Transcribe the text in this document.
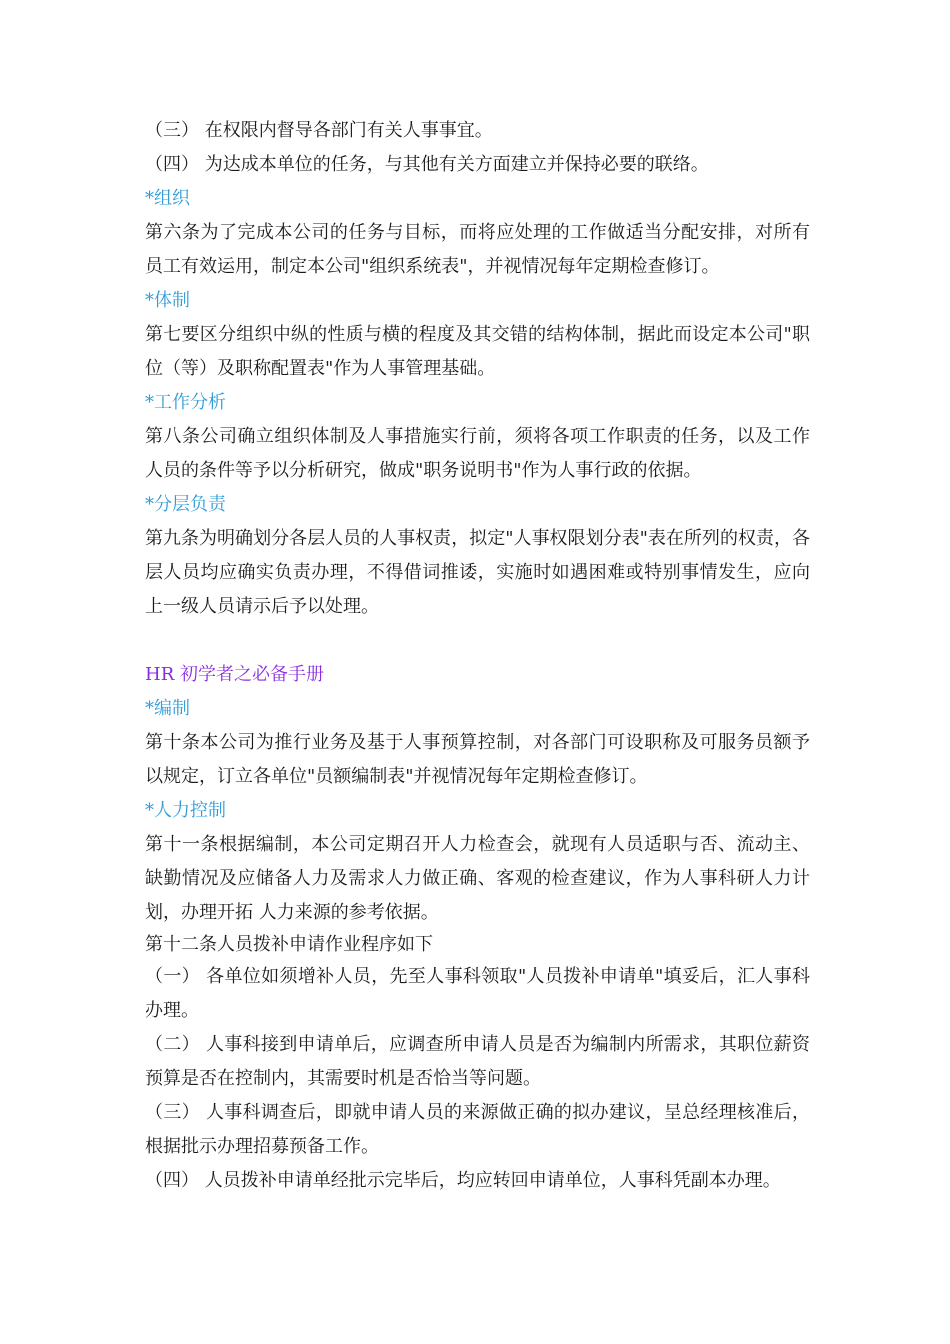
（三） 在权限内督导各部门有关人事事宜。

（四） 为达成本单位的任务，与其他有关方面建立并保持必要的联络。

*组织

第六条为了完成本公司的任务与目标，而将应处理的工作做适当分配安排，对所有员工有效运用，制定本公司"组织系统表"，并视情况每年定期检查修订。

*体制

第七要区分组织中纵的性质与横的程度及其交错的结构体制，据此而设定本公司"职位（等）及职称配置表"作为人事管理基础。

*工作分析

第八条公司确立组织体制及人事措施实行前，须将各项工作职责的任务，以及工作人员的条件等予以分析研究，做成"职务说明书"作为人事行政的依据。

*分层负责

第九条为明确划分各层人员的人事权责，拟定"人事权限划分表"表在所列的权责，各层人员均应确实负责办理，不得借词推诿，实施时如遇困难或特别事情发生，应向上一级人员请示后予以处理。

HR 初学者之必备手册

*编制

第十条本公司为推行业务及基于人事预算控制，对各部门可设职称及可服务员额予以规定，订立各单位"员额编制表"并视情况每年定期检查修订。

*人力控制

第十一条根据编制，本公司定期召开人力检查会，就现有人员适职与否、流动主、缺勤情况及应储备人力及需求人力做正确、客观的检查建议，作为人事科研人力计划，办理开拓 人力来源的参考依据。

第十二条人员拨补申请作业程序如下

（一） 各单位如须增补人员，先至人事科领取"人员拨补申请单"填妥后，汇人事科办理。

（二） 人事科接到申请单后，应调查所申请人员是否为编制内所需求，其职位薪资预算是否在控制内，其需要时机是否恰当等问题。

（三） 人事科调查后，即就申请人员的来源做正确的拟办建议，呈总经理核准后，根据批示办理招募预备工作。

（四） 人员拨补申请单经批示完毕后，均应转回申请单位，人事科凭副本办理。
